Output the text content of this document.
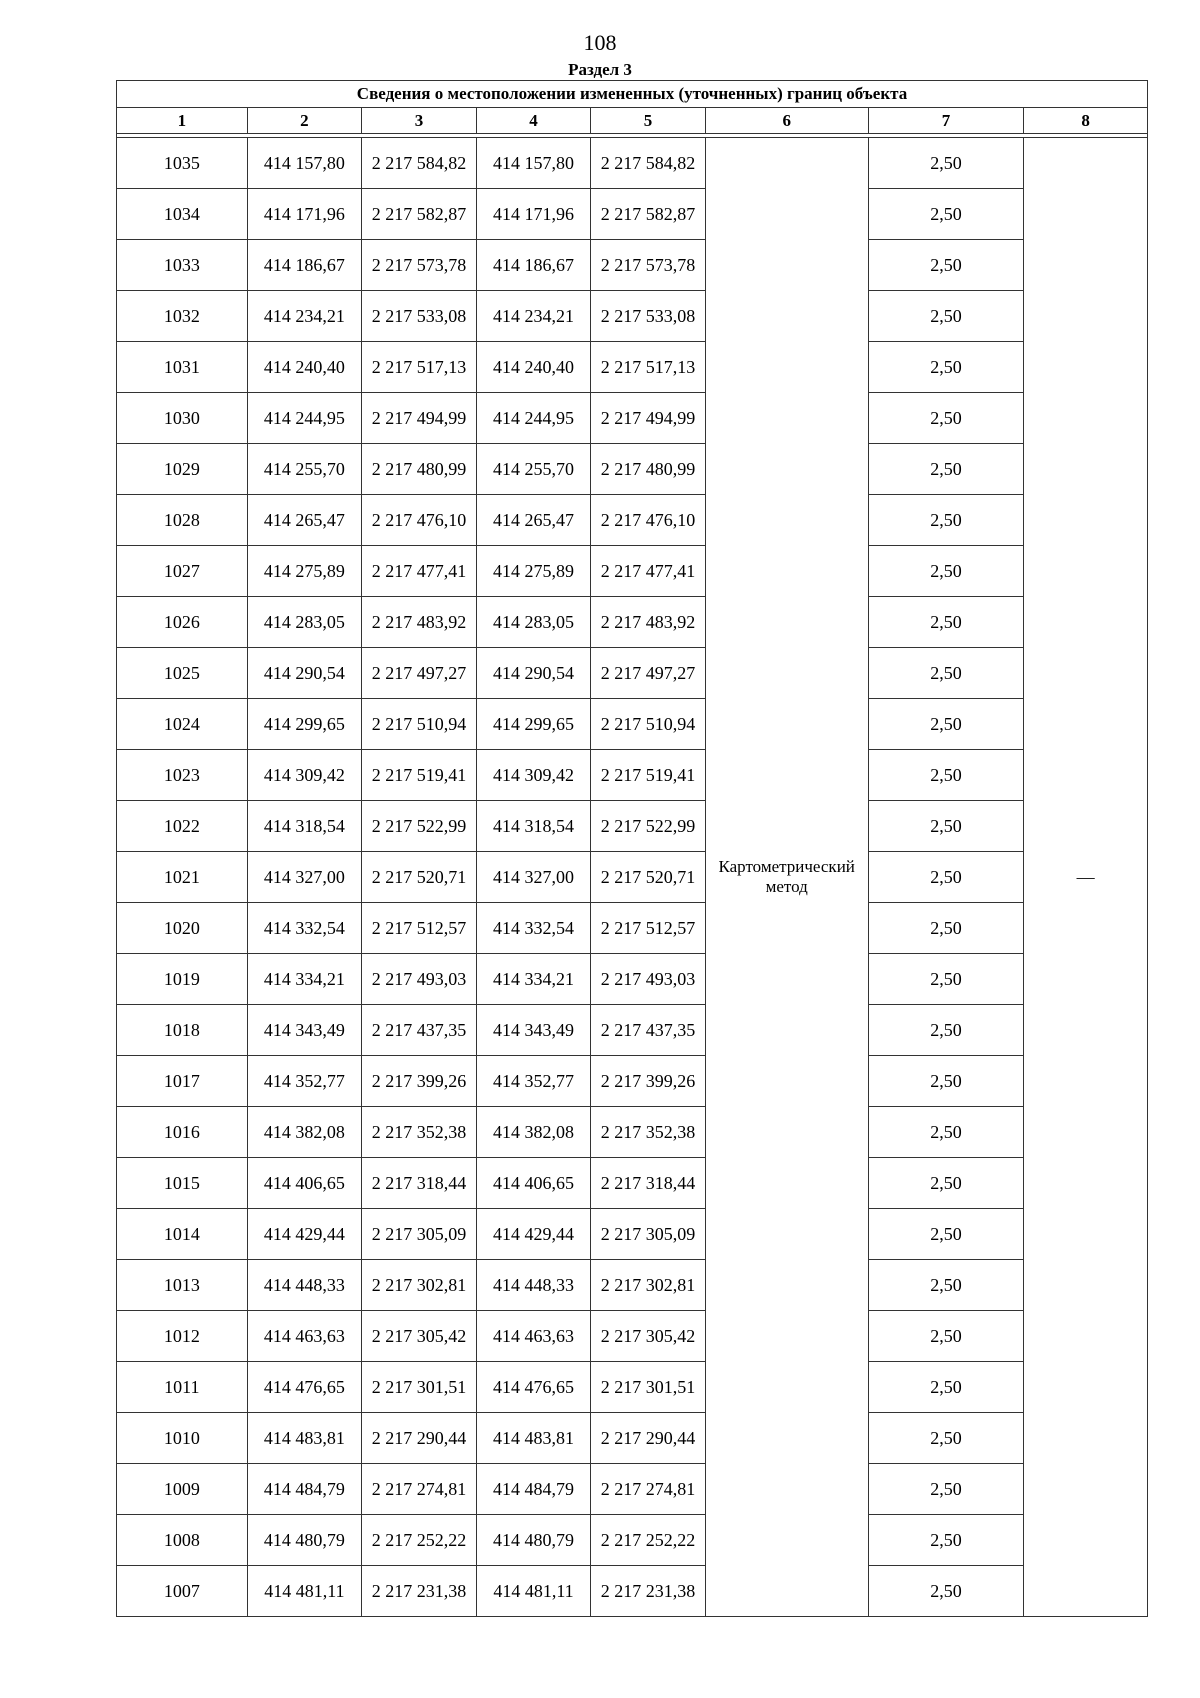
108
Раздел 3
Сведения о местоположении измененных (уточненных) границ объекта							
1	2	3	4	5	6	7	8

1035	414 157,80	2 217 584,82	414 157,80	2 217 584,82	Картометрический метод	2,50	—
1034	414 171,96	2 217 582,87	414 171,96	2 217 582,87		2,50	
1033	414 186,67	2 217 573,78	414 186,67	2 217 573,78		2,50	
1032	414 234,21	2 217 533,08	414 234,21	2 217 533,08		2,50	
1031	414 240,40	2 217 517,13	414 240,40	2 217 517,13		2,50	
1030	414 244,95	2 217 494,99	414 244,95	2 217 494,99		2,50	
1029	414 255,70	2 217 480,99	414 255,70	2 217 480,99		2,50	
1028	414 265,47	2 217 476,10	414 265,47	2 217 476,10		2,50	
1027	414 275,89	2 217 477,41	414 275,89	2 217 477,41		2,50	
1026	414 283,05	2 217 483,92	414 283,05	2 217 483,92		2,50	
1025	414 290,54	2 217 497,27	414 290,54	2 217 497,27		2,50	
1024	414 299,65	2 217 510,94	414 299,65	2 217 510,94		2,50	
1023	414 309,42	2 217 519,41	414 309,42	2 217 519,41		2,50	
1022	414 318,54	2 217 522,99	414 318,54	2 217 522,99		2,50	
1021	414 327,00	2 217 520,71	414 327,00	2 217 520,71		2,50	
1020	414 332,54	2 217 512,57	414 332,54	2 217 512,57		2,50	
1019	414 334,21	2 217 493,03	414 334,21	2 217 493,03		2,50	
1018	414 343,49	2 217 437,35	414 343,49	2 217 437,35		2,50	
1017	414 352,77	2 217 399,26	414 352,77	2 217 399,26		2,50	
1016	414 382,08	2 217 352,38	414 382,08	2 217 352,38		2,50	
1015	414 406,65	2 217 318,44	414 406,65	2 217 318,44		2,50	
1014	414 429,44	2 217 305,09	414 429,44	2 217 305,09		2,50	
1013	414 448,33	2 217 302,81	414 448,33	2 217 302,81		2,50	
1012	414 463,63	2 217 305,42	414 463,63	2 217 305,42		2,50	
1011	414 476,65	2 217 301,51	414 476,65	2 217 301,51		2,50	
1010	414 483,81	2 217 290,44	414 483,81	2 217 290,44		2,50	
1009	414 484,79	2 217 274,81	414 484,79	2 217 274,81		2,50	
1008	414 480,79	2 217 252,22	414 480,79	2 217 252,22		2,50	
1007	414 481,11	2 217 231,38	414 481,11	2 217 231,38		2,50	
